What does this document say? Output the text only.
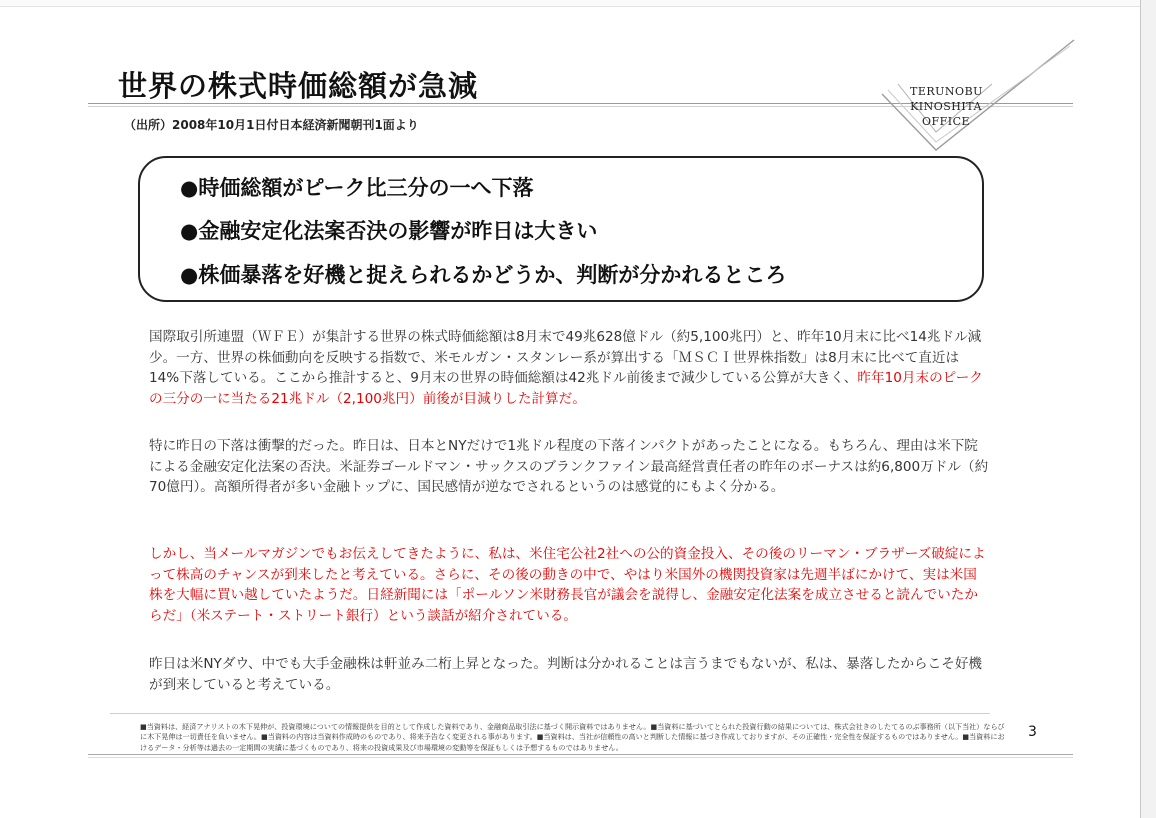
世界の株式時価総額が急減
（出所）2008年10月1日付日本経済新聞朝刊1面より
TERUNOBU
KINOSHITA
OFFICE
●時価総額がピーク比三分の一へ下落
●金融安定化法案否決の影響が昨日は大きい
●株価暴落を好機と捉えられるかどうか、判断が分かれるところ
国際取引所連盟（ＷＦＥ）が集計する世界の株式時価総額は8月末で49兆628億ドル（約5,100兆円）と、昨年10月末に比べ14兆ドル減少。一方、世界の株価動向を反映する指数で、米モルガン・スタンレー系が算出する「ＭＳＣＩ世界株指数」は8月末に比べて直近は14%下落している。ここから推計すると、9月末の世界の時価総額は42兆ドル前後まで減少している公算が大きく、昨年10月末のピークの三分の一に当たる21兆ドル（2,100兆円）前後が目減りした計算だ。
特に昨日の下落は衝撃的だった。昨日は、日本とNYだけで1兆ドル程度の下落インパクトがあったことになる。もちろん、理由は米下院による金融安定化法案の否決。米証券ゴールドマン・サックスのブランクファイン最高経営責任者の昨年のボーナスは約6,800万ドル（約70億円）。高額所得者が多い金融トップに、国民感情が逆なでされるというのは感覚的にもよく分かる。
しかし、当メールマガジンでもお伝えしてきたように、私は、米住宅公社2社への公的資金投入、その後のリーマン・ブラザーズ破綻によって株高のチャンスが到来したと考えている。さらに、その後の動きの中で、やはり米国外の機関投資家は先週半ばにかけて、実は米国株を大幅に買い越していたようだ。日経新聞には「ポールソン米財務長官が議会を説得し、金融安定化法案を成立させると読んでいたからだ」（米ステート・ストリート銀行）という談話が紹介されている。
昨日は米NYダウ、中でも大手金融株は軒並み二桁上昇となった。判断は分かれることは言うまでもないが、私は、暴落したからこそ好機が到来していると考えている。
■当資料は、経済アナリストの木下晃伸が、投資環境についての情報提供を目的として作成した資料であり、金融商品取引法に基づく開示資料ではありません。■当資料に基づいてとられた投資行動の結果については、株式会社きのしたてるのぶ事務所（以下当社）ならびに木下晃伸は一切責任を負いません。■当資料の内容は当資料作成時のものであり、将来予告なく変更される事があります。■当資料は、当社が信頼性の高いと判断した情報に基づき作成しておりますが、その正確性・完全性を保証するものではありません。■当資料におけるデータ・分析等は過去の一定期間の実績に基づくものであり、将来の投資成果及び市場環境の変動等を保証もしくは予想するものではありません。
3
